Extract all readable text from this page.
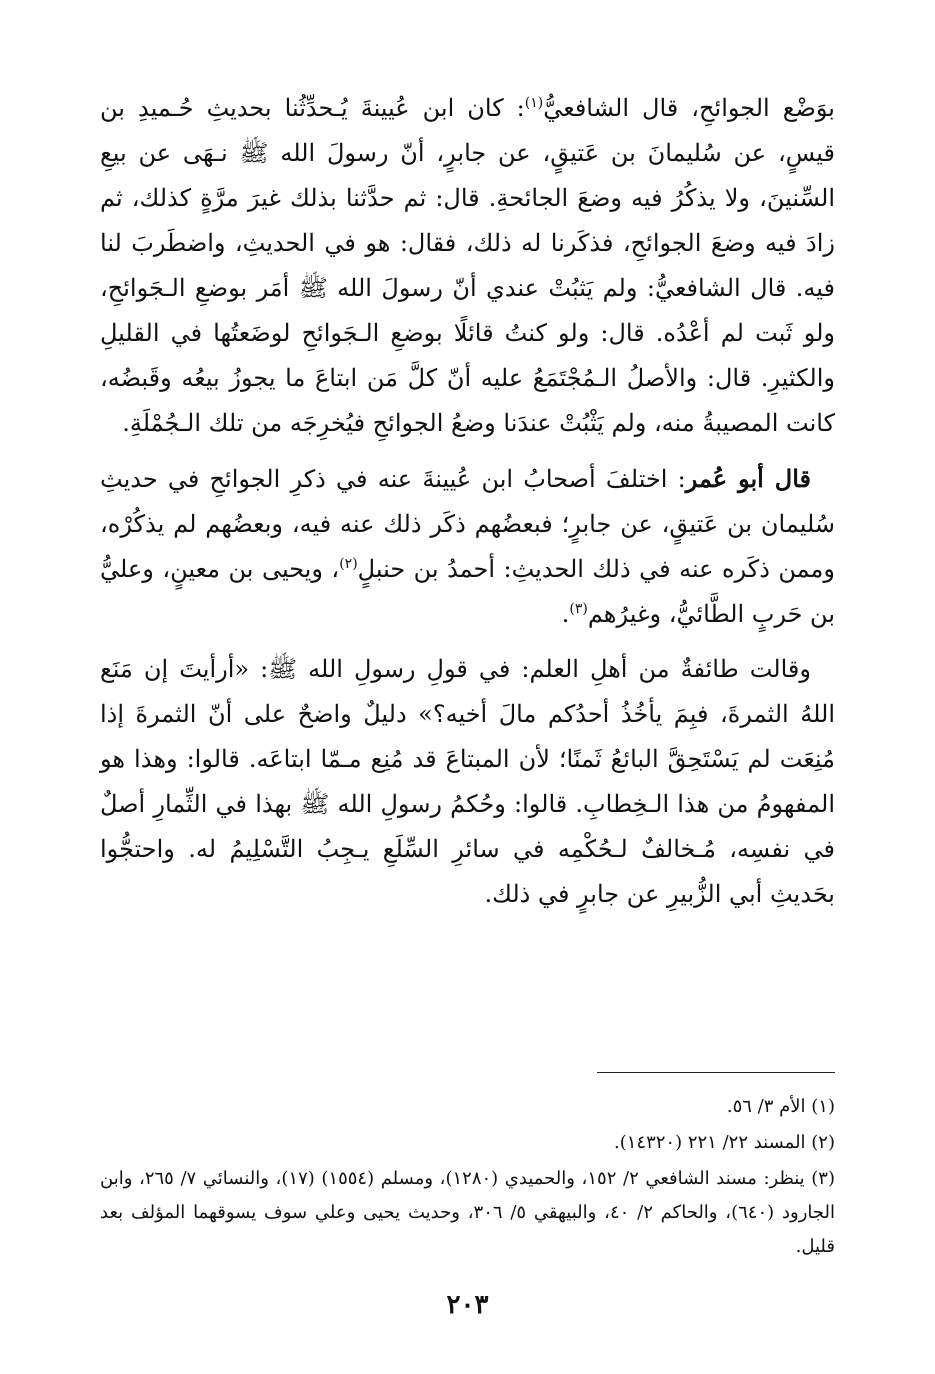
بوَضْع الجوائحِ، قال الشافعيُّ$^{(١)}$: كان ابن عُيينةَ يُـحدِّثُنا بحديثِ حُـميدِ بن قيسٍ، عن سُليمانَ بن عَتيقٍ، عن جابرٍ، أنّ رسولَ الله ﷺ نـهَى عن بيعِ السِّنينَ، ولا يذكُرُ فيه وضعَ الجائحةِ. قال: ثم حدَّثنا بذلك غيرَ مرَّةٍ كذلك، ثم زادَ فيه وضعَ الجوائحِ، فذكَرنا له ذلك، فقال: هو في الحديثِ، واضطَربَ لنا فيه. قال الشافعيُّ: ولم يَثبُتْ عندي أنّ رسولَ الله ﷺ أمَر بوضعِ الـجَوائحِ، ولو ثَبت لم أعْدُه. قال: ولو كنتُ قائلًا بوضعِ الـجَوائحِ لوضَعتُها في القليلِ والكثيرِ. قال: والأصلُ الـمُجْتَمَعُ عليه أنّ كلَّ مَن ابتاعَ ما يجوزُ بيعُه وقَبضُه، كانت المصيبةُ منه، ولم يَثْبُتْ عندَنا وضعُ الجوائحِ فيُخرِجَه من تلك الـجُمْلَةِ.

قال أبو عُمر: اختلفَ أصحابُ ابن عُيينةَ عنه في ذكرِ الجوائحِ في حديثِ سُليمان بن عَتيقٍ، عن جابرٍ؛ فبعضُهم ذكَر ذلك عنه فيه، وبعضُهم لم يذكُرْه، وممن ذكَره عنه في ذلك الحديثِ: أحمدُ بن حنبلٍ$^{(٢)}$، ويحيى بن معينٍ، وعليُّ بن حَربٍ الطَّائيُّ، وغيرُهم$^{(٣)}$.

وقالت طائفةٌ من أهلِ العلم: في قولِ رسولِ الله ﷺ: «أرأيتَ إن مَنَع اللهُ الثمرةَ، فبِمَ يأخُذُ أحدُكم مالَ أخيه؟» دليلٌ واضحٌ على أنّ الثمرةَ إذا مُنِعَت لم يَسْتَحِقَّ البائعُ ثَمنًا؛ لأن المبتاعَ قد مُنِع مـمّا ابتاعَه. قالوا: وهذا هو المفهومُ من هذا الـخِطابِ. قالوا: وحُكمُ رسولِ الله ﷺ بهذا في الثِّمارِ أصلٌ في نفسِه، مُـخالفٌ لـحُكْمِه في سائرِ السِّلَعِ يـجِبُ التَّسْلِيمُ له. واحتجُّوا بحَديثِ أبي الزُّبيرِ عن جابرٍ في ذلك.

(١) الأم ٣/ ٥٦.

(٢) المسند ٢٢/ ٢٢١ (١٤٣٢٠).

(٣) ينظر: مسند الشافعي ٢/ ١٥٢، والحميدي (١٢٨٠)، ومسلم (١٥٥٤) (١٧)، والنسائي ٧/ ٢٦٥، وابن الجارود (٦٤٠)، والحاكم ٢/ ٤٠، والبيهقي ٥/ ٣٠٦، وحديث يحيى وعلي سوف يسوقهما المؤلف بعد قليل.

٢٠٣
